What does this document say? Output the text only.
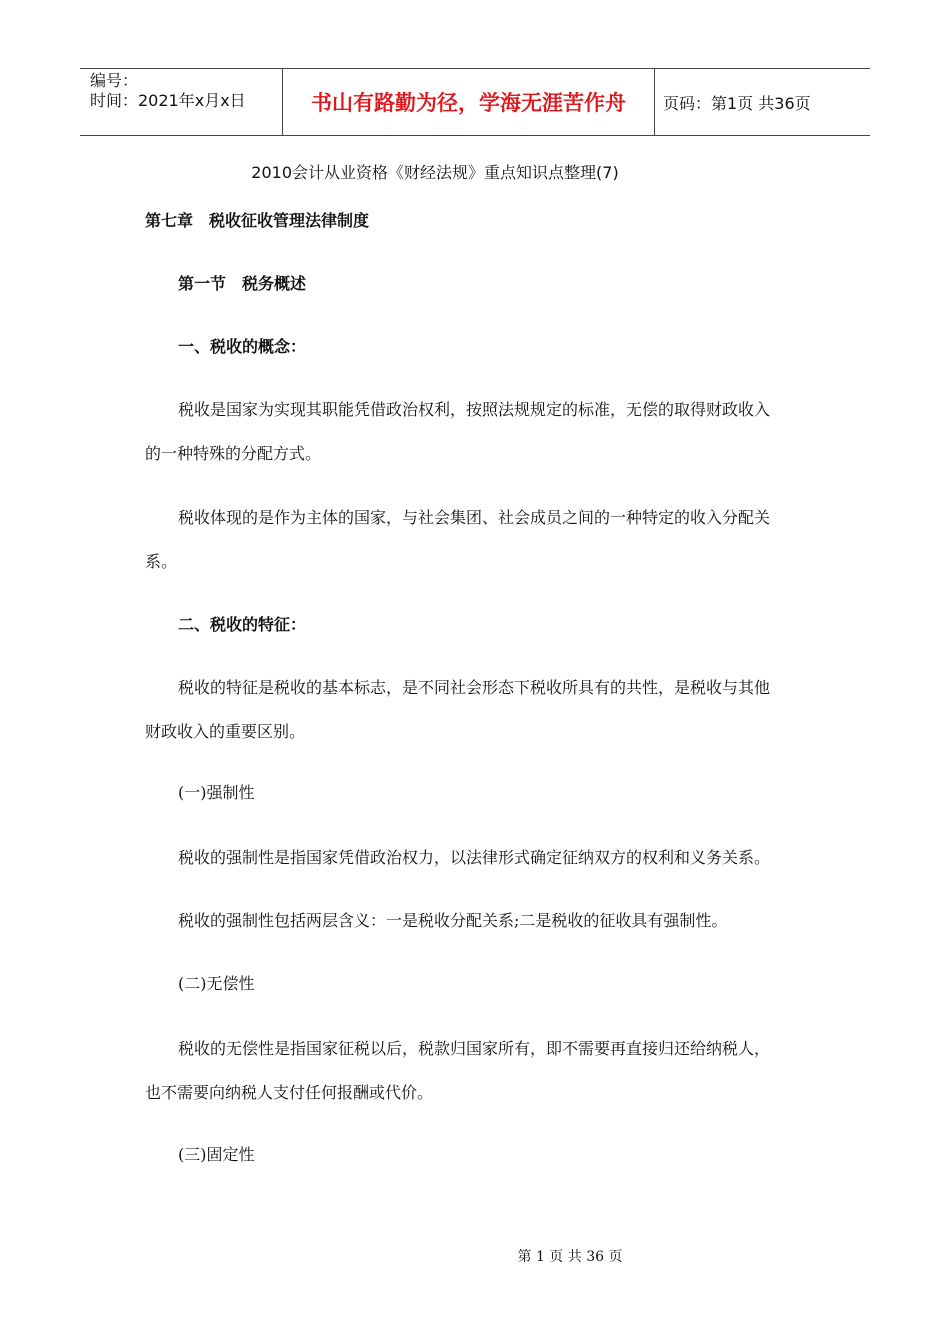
编号：
时间：2021年x月x日	书山有路勤为径，学海无涯苦作舟	页码：第1页 共36页
2010会计从业资格《财经法规》重点知识点整理(7)
第七章　税收征收管理法律制度
第一节　税务概述
一、税收的概念：
税收是国家为实现其职能凭借政治权利，按照法规规定的标准，无偿的取得财政收入
的一种特殊的分配方式。
税收体现的是作为主体的国家，与社会集团、社会成员之间的一种特定的收入分配关
系。
二、税收的特征：
税收的特征是税收的基本标志，是不同社会形态下税收所具有的共性，是税收与其他
财政收入的重要区别。
(一)强制性
税收的强制性是指国家凭借政治权力，以法律形式确定征纳双方的权利和义务关系。
税收的强制性包括两层含义：一是税收分配关系;二是税收的征收具有强制性。
(二)无偿性
税收的无偿性是指国家征税以后，税款归国家所有，即不需要再直接归还给纳税人，
也不需要向纳税人支付任何报酬或代价。
(三)固定性
第 1 页 共 36 页
